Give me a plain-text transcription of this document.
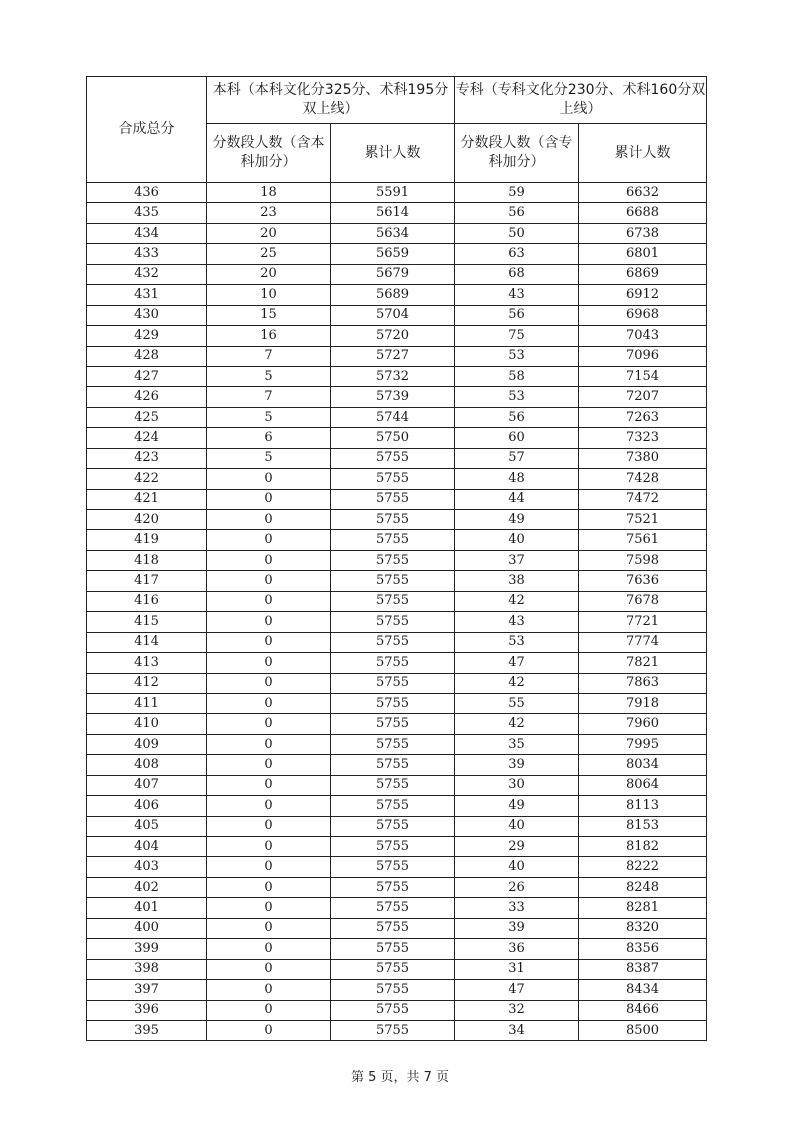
合成总分	本科（本科文化分325分、术科195分双上线）		专科（专科文化分230分、术科160分双上线）	
	分数段人数（含本科加分）	累计人数	分数段人数（含专科加分）	累计人数
436	18	5591	59	6632
435	23	5614	56	6688
434	20	5634	50	6738
433	25	5659	63	6801
432	20	5679	68	6869
431	10	5689	43	6912
430	15	5704	56	6968
429	16	5720	75	7043
428	7	5727	53	7096
427	5	5732	58	7154
426	7	5739	53	7207
425	5	5744	56	7263
424	6	5750	60	7323
423	5	5755	57	7380
422	0	5755	48	7428
421	0	5755	44	7472
420	0	5755	49	7521
419	0	5755	40	7561
418	0	5755	37	7598
417	0	5755	38	7636
416	0	5755	42	7678
415	0	5755	43	7721
414	0	5755	53	7774
413	0	5755	47	7821
412	0	5755	42	7863
411	0	5755	55	7918
410	0	5755	42	7960
409	0	5755	35	7995
408	0	5755	39	8034
407	0	5755	30	8064
406	0	5755	49	8113
405	0	5755	40	8153
404	0	5755	29	8182
403	0	5755	40	8222
402	0	5755	26	8248
401	0	5755	33	8281
400	0	5755	39	8320
399	0	5755	36	8356
398	0	5755	31	8387
397	0	5755	47	8434
396	0	5755	32	8466
395	0	5755	34	8500
第 5 页，共 7 页
